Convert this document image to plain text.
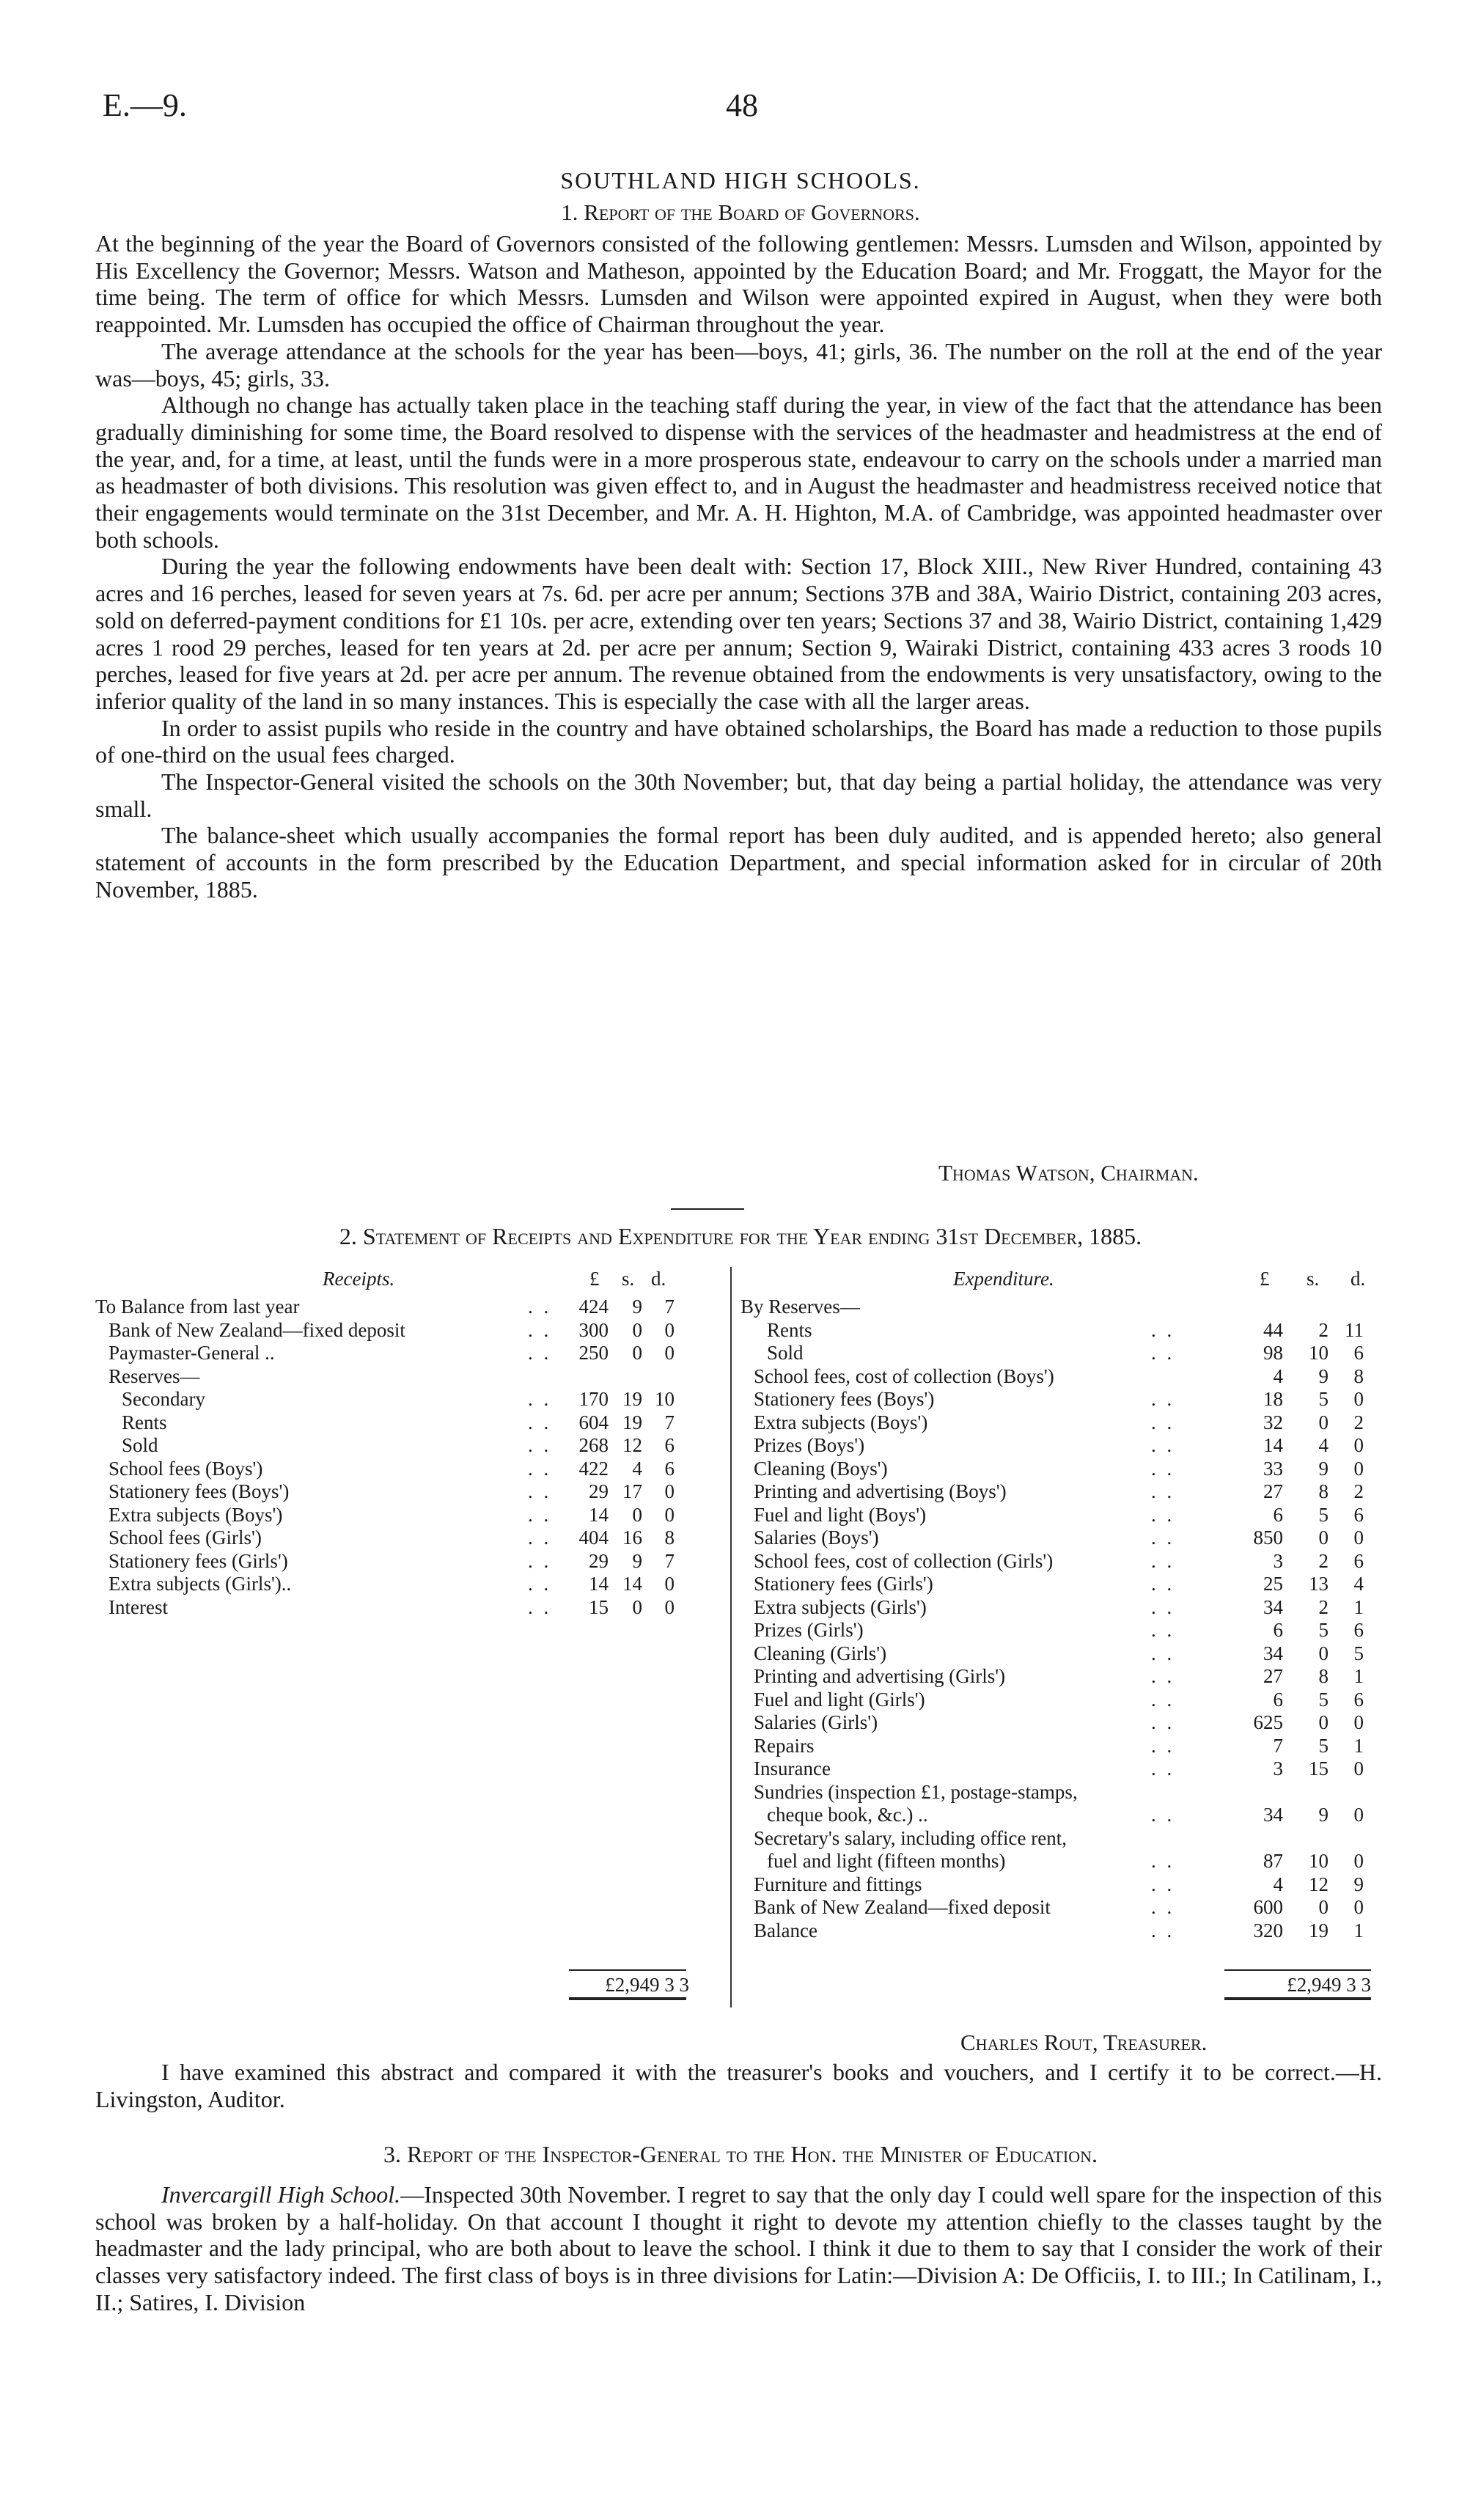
E.—9.	48
SOUTHLAND HIGH SCHOOLS.
1. Report of the Board of Governors.

At the beginning of the year the Board of Governors consisted of the following gentlemen: Messrs. Lumsden and Wilson, appointed by His Excellency the Governor; Messrs. Watson and Matheson, appointed by the Education Board; and Mr. Froggatt, the Mayor for the time being. The term of office for which Messrs. Lumsden and Wilson were appointed expired in August, when they were both reappointed. Mr. Lumsden has occupied the office of Chairman throughout the year.

The average attendance at the schools for the year has been—boys, 41; girls, 36. The number on the roll at the end of the year was—boys, 45; girls, 33.

Although no change has actually taken place in the teaching staff during the year, in view of the fact that the attendance has been gradually diminishing for some time, the Board resolved to dispense with the services of the headmaster and headmistress at the end of the year, and, for a time, at least, until the funds were in a more prosperous state, endeavour to carry on the schools under a married man as headmaster of both divisions. This resolution was given effect to, and in August the headmaster and headmistress received notice that their engagements would terminate on the 31st December, and Mr. A. H. Highton, M.A. of Cambridge, was appointed headmaster over both schools.

During the year the following endowments have been dealt with: Section 17, Block XIII., New River Hundred, containing 43 acres and 16 perches, leased for seven years at 7s. 6d. per acre per annum; Sections 37B and 38A, Wairio District, containing 203 acres, sold on deferred-payment conditions for £1 10s. per acre, extending over ten years; Sections 37 and 38, Wairio District, containing 1,429 acres 1 rood 29 perches, leased for ten years at 2d. per acre per annum; Section 9, Wairaki District, containing 433 acres 3 roods 10 perches, leased for five years at 2d. per acre per annum. The revenue obtained from the endowments is very unsatisfactory, owing to the inferior quality of the land in so many instances. This is especially the case with all the larger areas.

In order to assist pupils who reside in the country and have obtained scholarships, the Board has made a reduction to those pupils of one-third on the usual fees charged.

The Inspector-General visited the schools on the 30th November; but, that day being a partial holiday, the attendance was very small.

The balance-sheet which usually accompanies the formal report has been duly audited, and is appended hereto; also general statement of accounts in the form prescribed by the Education Department, and special information asked for in circular of 20th November, 1885.

Thomas Watson, Chairman.
2. Statement of Receipts and Expenditure for the Year ending 31st December, 1885.
Receipts.	£ s. d.	Expenditure.	£ s. d.
To Balance from last year	. .	424	9	7
Bank of New Zealand—fixed deposit	. .	300	0	0
Paymaster-General ..	. .	250	0	0
Reserves—
Secondary	. .	170 19 10
Rents	. .	604 19	7
Sold	. .	268 12	6
School fees (Boys')	. .	422	4	6
Stationery fees (Boys')	. .	29 17	0
Extra subjects (Boys')	. .	14	0	0
School fees (Girls')	. .	404 16	8
Stationery fees (Girls')	. .	29	9	7
Extra subjects (Girls')..	. .	14 14	0
Interest	. .	15	0	0
By Reserves—
Rents	. .	44	2 11
Sold	. .	98	10	6
School fees, cost of collection (Boys')	4	9	8
Stationery fees (Boys')	. .	18	5	0
Extra subjects (Boys')	. .	32	0	2
Prizes (Boys')	. .	14	4	0
Cleaning (Boys')	. .	33	9	0
Printing and advertising (Boys')	. .	27	8	2
Fuel and light (Boys')	. .	6	5	6
Salaries (Boys')	. .	850	0	0
School fees, cost of collection (Girls')	. .	3	2	6
Stationery fees (Girls')	. .	25	13	4
Extra subjects (Girls')	. .	34	2	1
Prizes (Girls')	. .	6	5	6
Cleaning (Girls')	. .	34	0	5
Printing and advertising (Girls')	. .	27	8	1
Fuel and light (Girls')	. .	6	5	6
Salaries (Girls')	. .	625	0	0
Repairs	. .	7	5	1
Insurance	. .	3	15	0
Sundries (inspection £1, postage-stamps,
cheque book, &c.) ..	. .	34	9	0
Secretary's salary, including office rent,
fuel and light (fifteen months)	. .	87	10	0
Furniture and fittings	. .	4	12	9
Bank of New Zealand—fixed deposit	. .	600	0	0
Balance	. .	320	19	1
£2,949 3 3	£2,949 3 3
Charles Rout, Treasurer.

I have examined this abstract and compared it with the treasurer's books and vouchers, and I certify it to be correct.—H. Livingston, Auditor.

3. Report of the Inspector-General to the Hon. the Minister of Education.

Invercargill High School.—Inspected 30th November. I regret to say that the only day I could well spare for the inspection of this school was broken by a half-holiday. On that account I thought it right to devote my attention chiefly to the classes taught by the headmaster and the lady principal, who are both about to leave the school. I think it due to them to say that I consider the work of their classes very satisfactory indeed. The first class of boys is in three divisions for Latin:—Division A: De Officiis, I. to III.; In Catilinam, I., II.; Satires, I. Division
